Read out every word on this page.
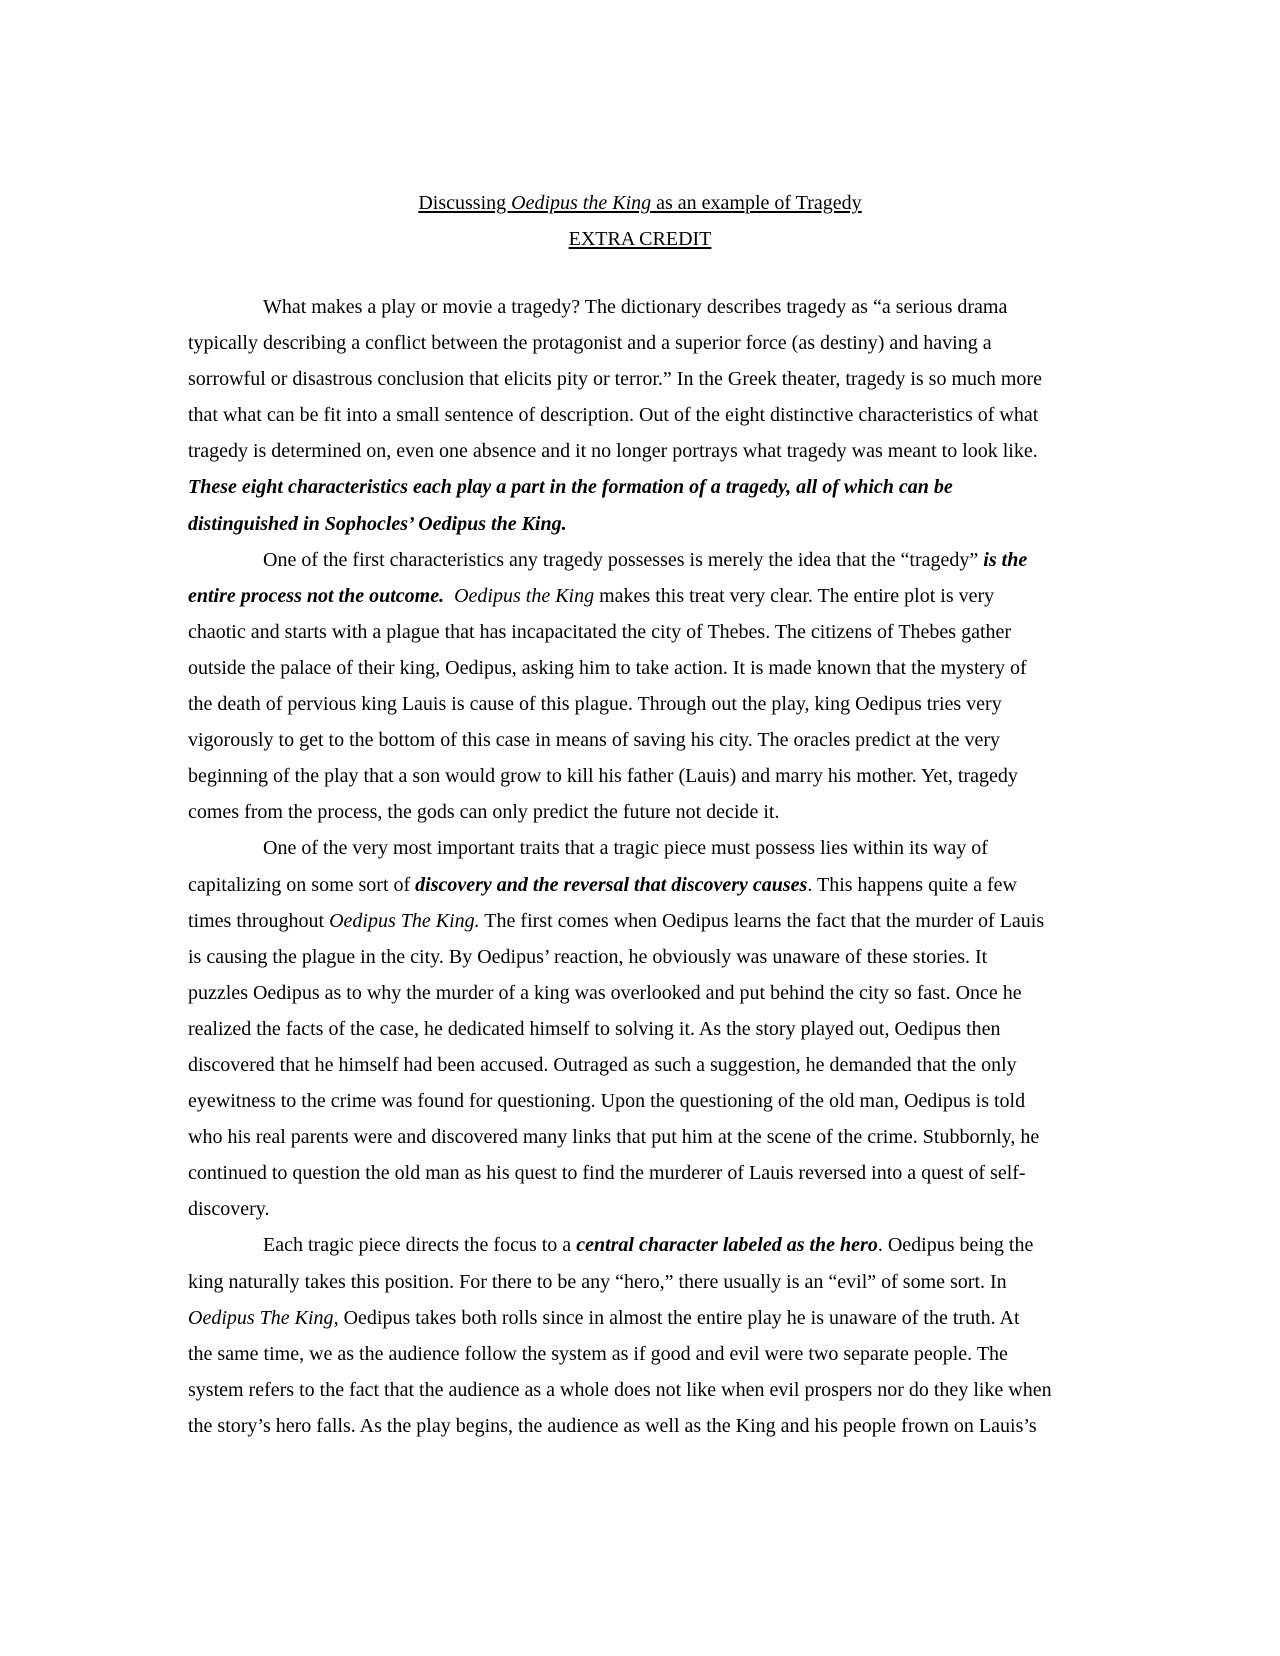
Discussing Oedipus the King as an example of Tragedy
EXTRA CREDIT

What makes a play or movie a tragedy? The dictionary describes tragedy as “a serious drama
typically describing a conflict between the protagonist and a superior force (as destiny) and having a
sorrowful or disastrous conclusion that elicits pity or terror.” In the Greek theater, tragedy is so much more
that what can be fit into a small sentence of description. Out of the eight distinctive characteristics of what
tragedy is determined on, even one absence and it no longer portrays what tragedy was meant to look like.
These eight characteristics each play a part in the formation of a tragedy, all of which can be
distinguished in Sophocles’ Oedipus the King.

One of the first characteristics any tragedy possesses is merely the idea that the “tragedy” is the
entire process not the outcome. Oedipus the King makes this treat very clear. The entire plot is very
chaotic and starts with a plague that has incapacitated the city of Thebes. The citizens of Thebes gather
outside the palace of their king, Oedipus, asking him to take action. It is made known that the mystery of
the death of pervious king Lauis is cause of this plague. Through out the play, king Oedipus tries very
vigorously to get to the bottom of this case in means of saving his city. The oracles predict at the very
beginning of the play that a son would grow to kill his father (Lauis) and marry his mother. Yet, tragedy
comes from the process, the gods can only predict the future not decide it.

One of the very most important traits that a tragic piece must possess lies within its way of
capitalizing on some sort of discovery and the reversal that discovery causes. This happens quite a few
times throughout Oedipus The King. The first comes when Oedipus learns the fact that the murder of Lauis
is causing the plague in the city. By Oedipus’ reaction, he obviously was unaware of these stories. It
puzzles Oedipus as to why the murder of a king was overlooked and put behind the city so fast. Once he
realized the facts of the case, he dedicated himself to solving it. As the story played out, Oedipus then
discovered that he himself had been accused. Outraged as such a suggestion, he demanded that the only
eyewitness to the crime was found for questioning. Upon the questioning of the old man, Oedipus is told
who his real parents were and discovered many links that put him at the scene of the crime. Stubbornly, he
continued to question the old man as his quest to find the murderer of Lauis reversed into a quest of self-
discovery.

Each tragic piece directs the focus to a central character labeled as the hero. Oedipus being the
king naturally takes this position. For there to be any “hero,” there usually is an “evil” of some sort. In
Oedipus The King, Oedipus takes both rolls since in almost the entire play he is unaware of the truth. At
the same time, we as the audience follow the system as if good and evil were two separate people. The
system refers to the fact that the audience as a whole does not like when evil prospers nor do they like when
the story’s hero falls. As the play begins, the audience as well as the King and his people frown on Lauis’s
